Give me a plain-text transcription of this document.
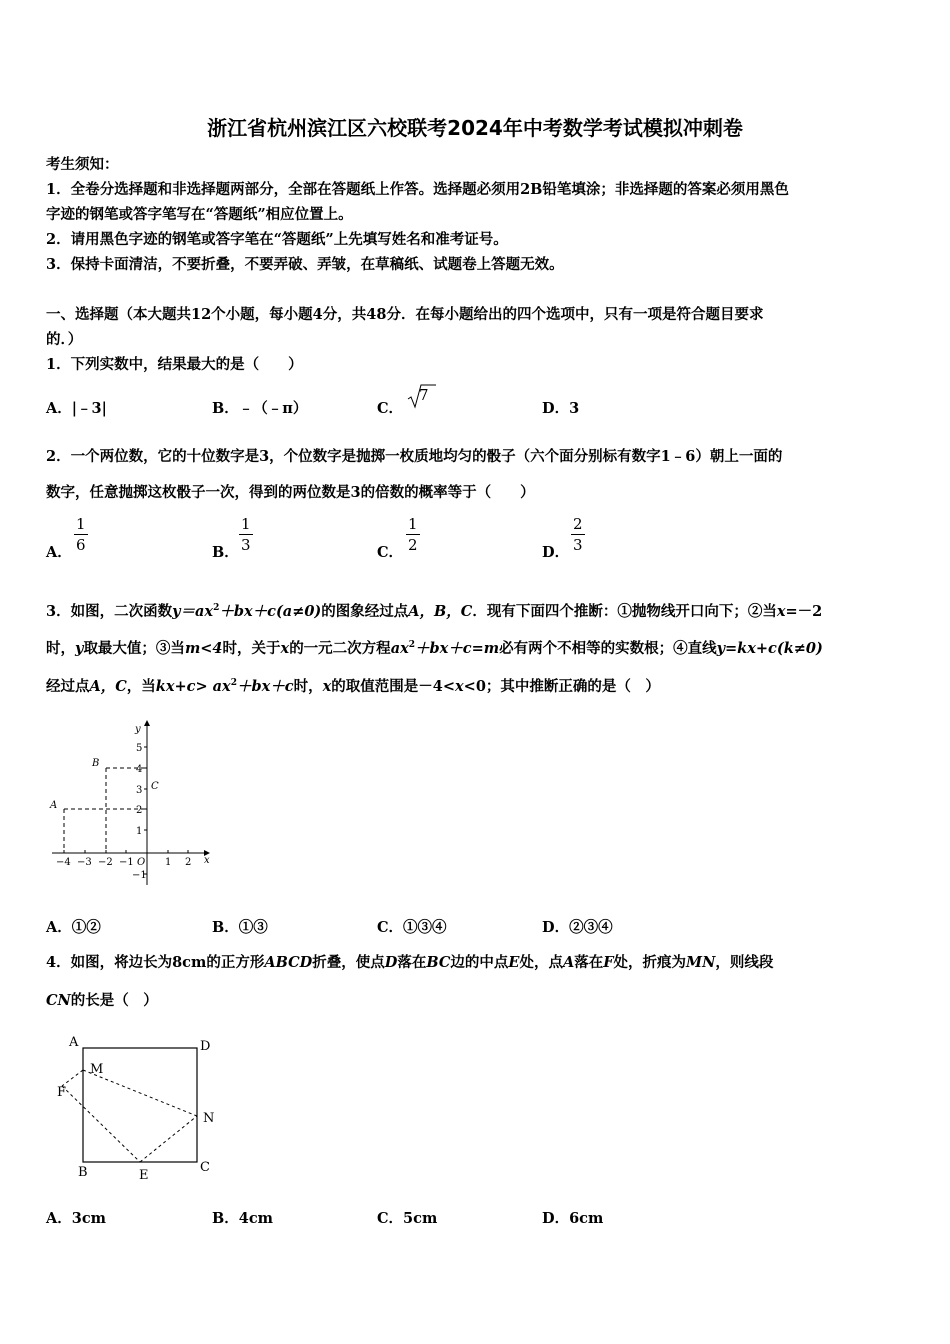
浙江省杭州滨江区六校联考2024年中考数学考试模拟冲刺卷
考生须知：
1．全卷分选择题和非选择题两部分，全部在答题纸上作答。选择题必须用2B铅笔填涂；非选择题的答案必须用黑色
字迹的钢笔或答字笔写在“答题纸”相应位置上。
2．请用黑色字迹的钢笔或答字笔在“答题纸”上先填写姓名和准考证号。
3．保持卡面清洁，不要折叠，不要弄破、弄皱，在草稿纸、试题卷上答题无效。
一、选择题（本大题共12个小题，每小题4分，共48分．在每小题给出的四个选项中，只有一项是符合题目要求
的．）
1．下列实数中，结果最大的是（　　）
A．|﹣3|	B．﹣（﹣π）	C．
7
D．3
2．一个两位数，它的十位数字是3，个位数字是抛掷一枚质地均匀的骰子（六个面分别标有数字1﹣6）朝上一面的
数字，任意抛掷这枚骰子一次，得到的两位数是3的倍数的概率等于（　　）
A．
1
6	B．
1
3	C．
1
2	D．
2
3
3．如图，二次函数$y=ax^2+bx+c(a\ne 0)$的图象经过点A，B，C．现有下面四个推断：①抛物线开口向下；②当x=－2
时，y取最大值；③当m<4时，关于x的一元二次方程$ax^2+bx+c=m$必有两个不相等的实数根；④直线y=kx+c(k≠0)
经过点A，C，当$kx+c> ax^2+bx+c$时，x的取值范围是－4<x<0；其中推断正确的是（　）
y
x
O
A
B
C
5
4
3
2
1
−1
−4 −3 −2 −1	1 2
A．①②	B．①③	C．①③④	D．②③④
4．如图，将边长为8cm的正方形ABCD折叠，使点D落在BC边的中点E处，点A落在F处，折痕为MN，则线段
CN的长是（　）
A	D
B	C
E
F
M
N
A．3cm	B．4cm	C．5cm	D．6cm
